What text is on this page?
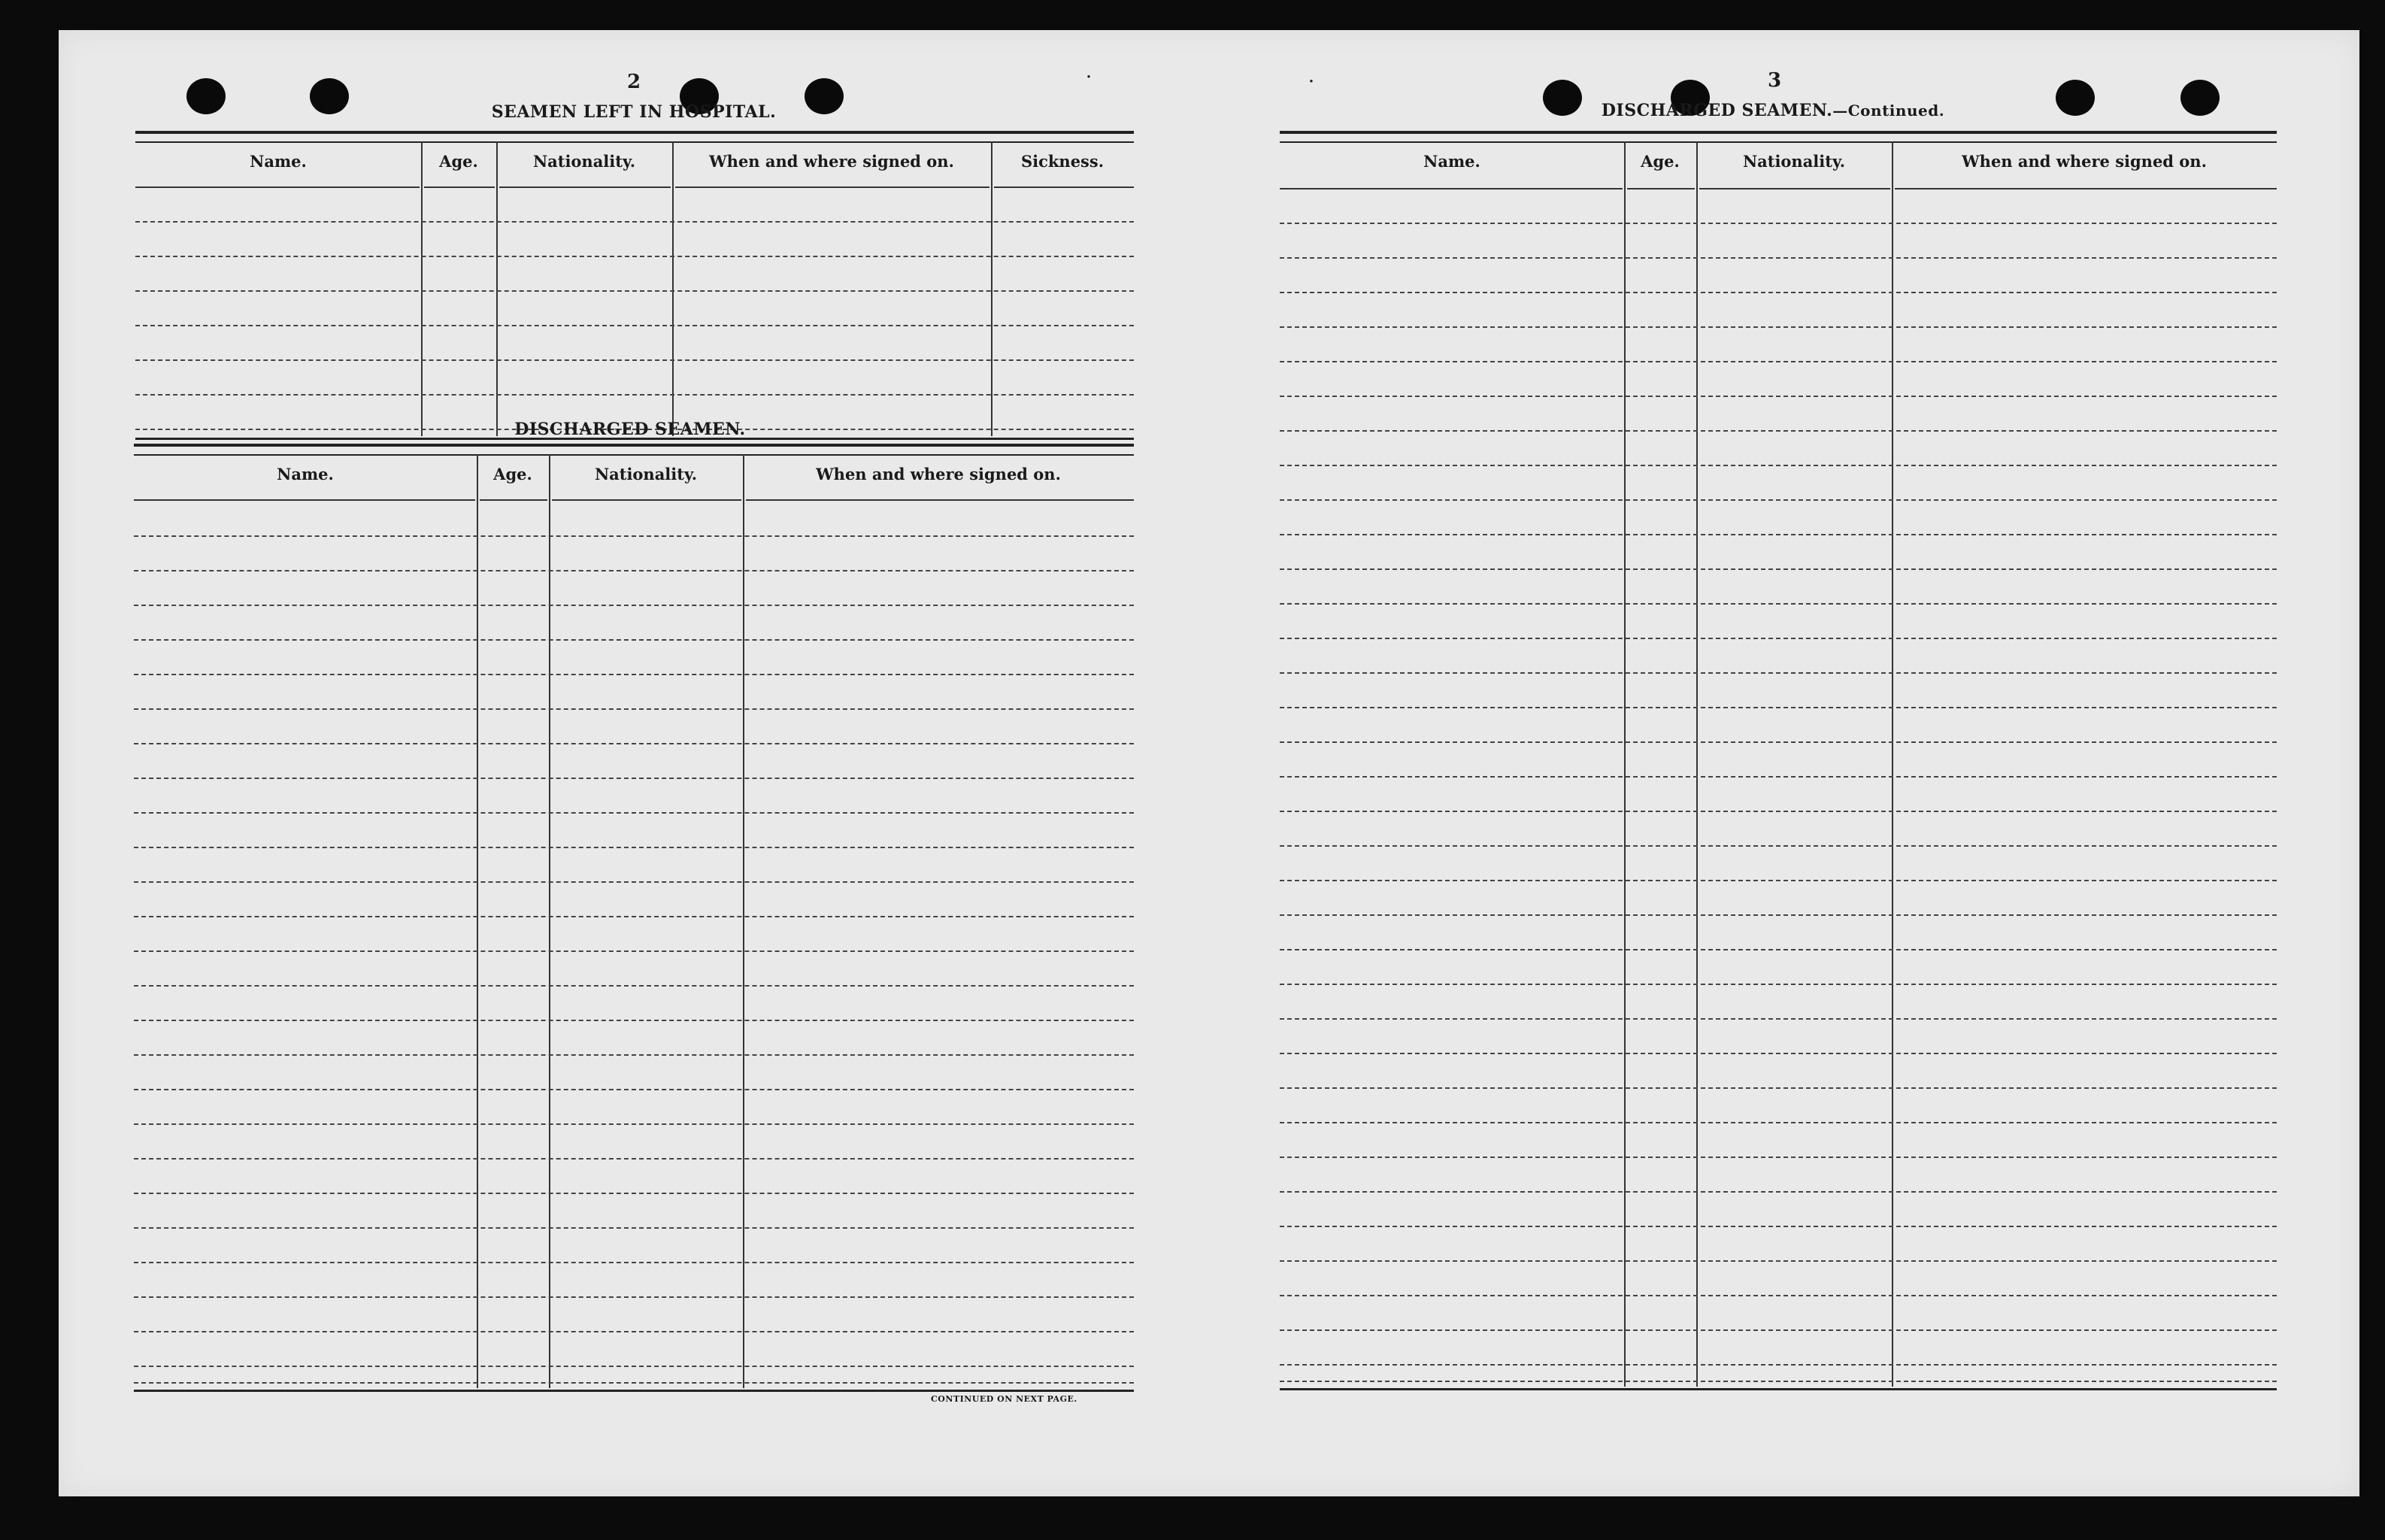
˙	˙
2
SEAMEN LEFT IN HOSPITAL.
Name.	Age.	Nationality.	When and where signed on.	Sickness.
DISCHARGED SEAMEN.
Name.	Age.	Nationality.	When and where signed on.
CONTINUED ON NEXT PAGE.
3
DISCHARGED SEAMEN.—Continued.
Name.	Age.	Nationality.	When and where signed on.
